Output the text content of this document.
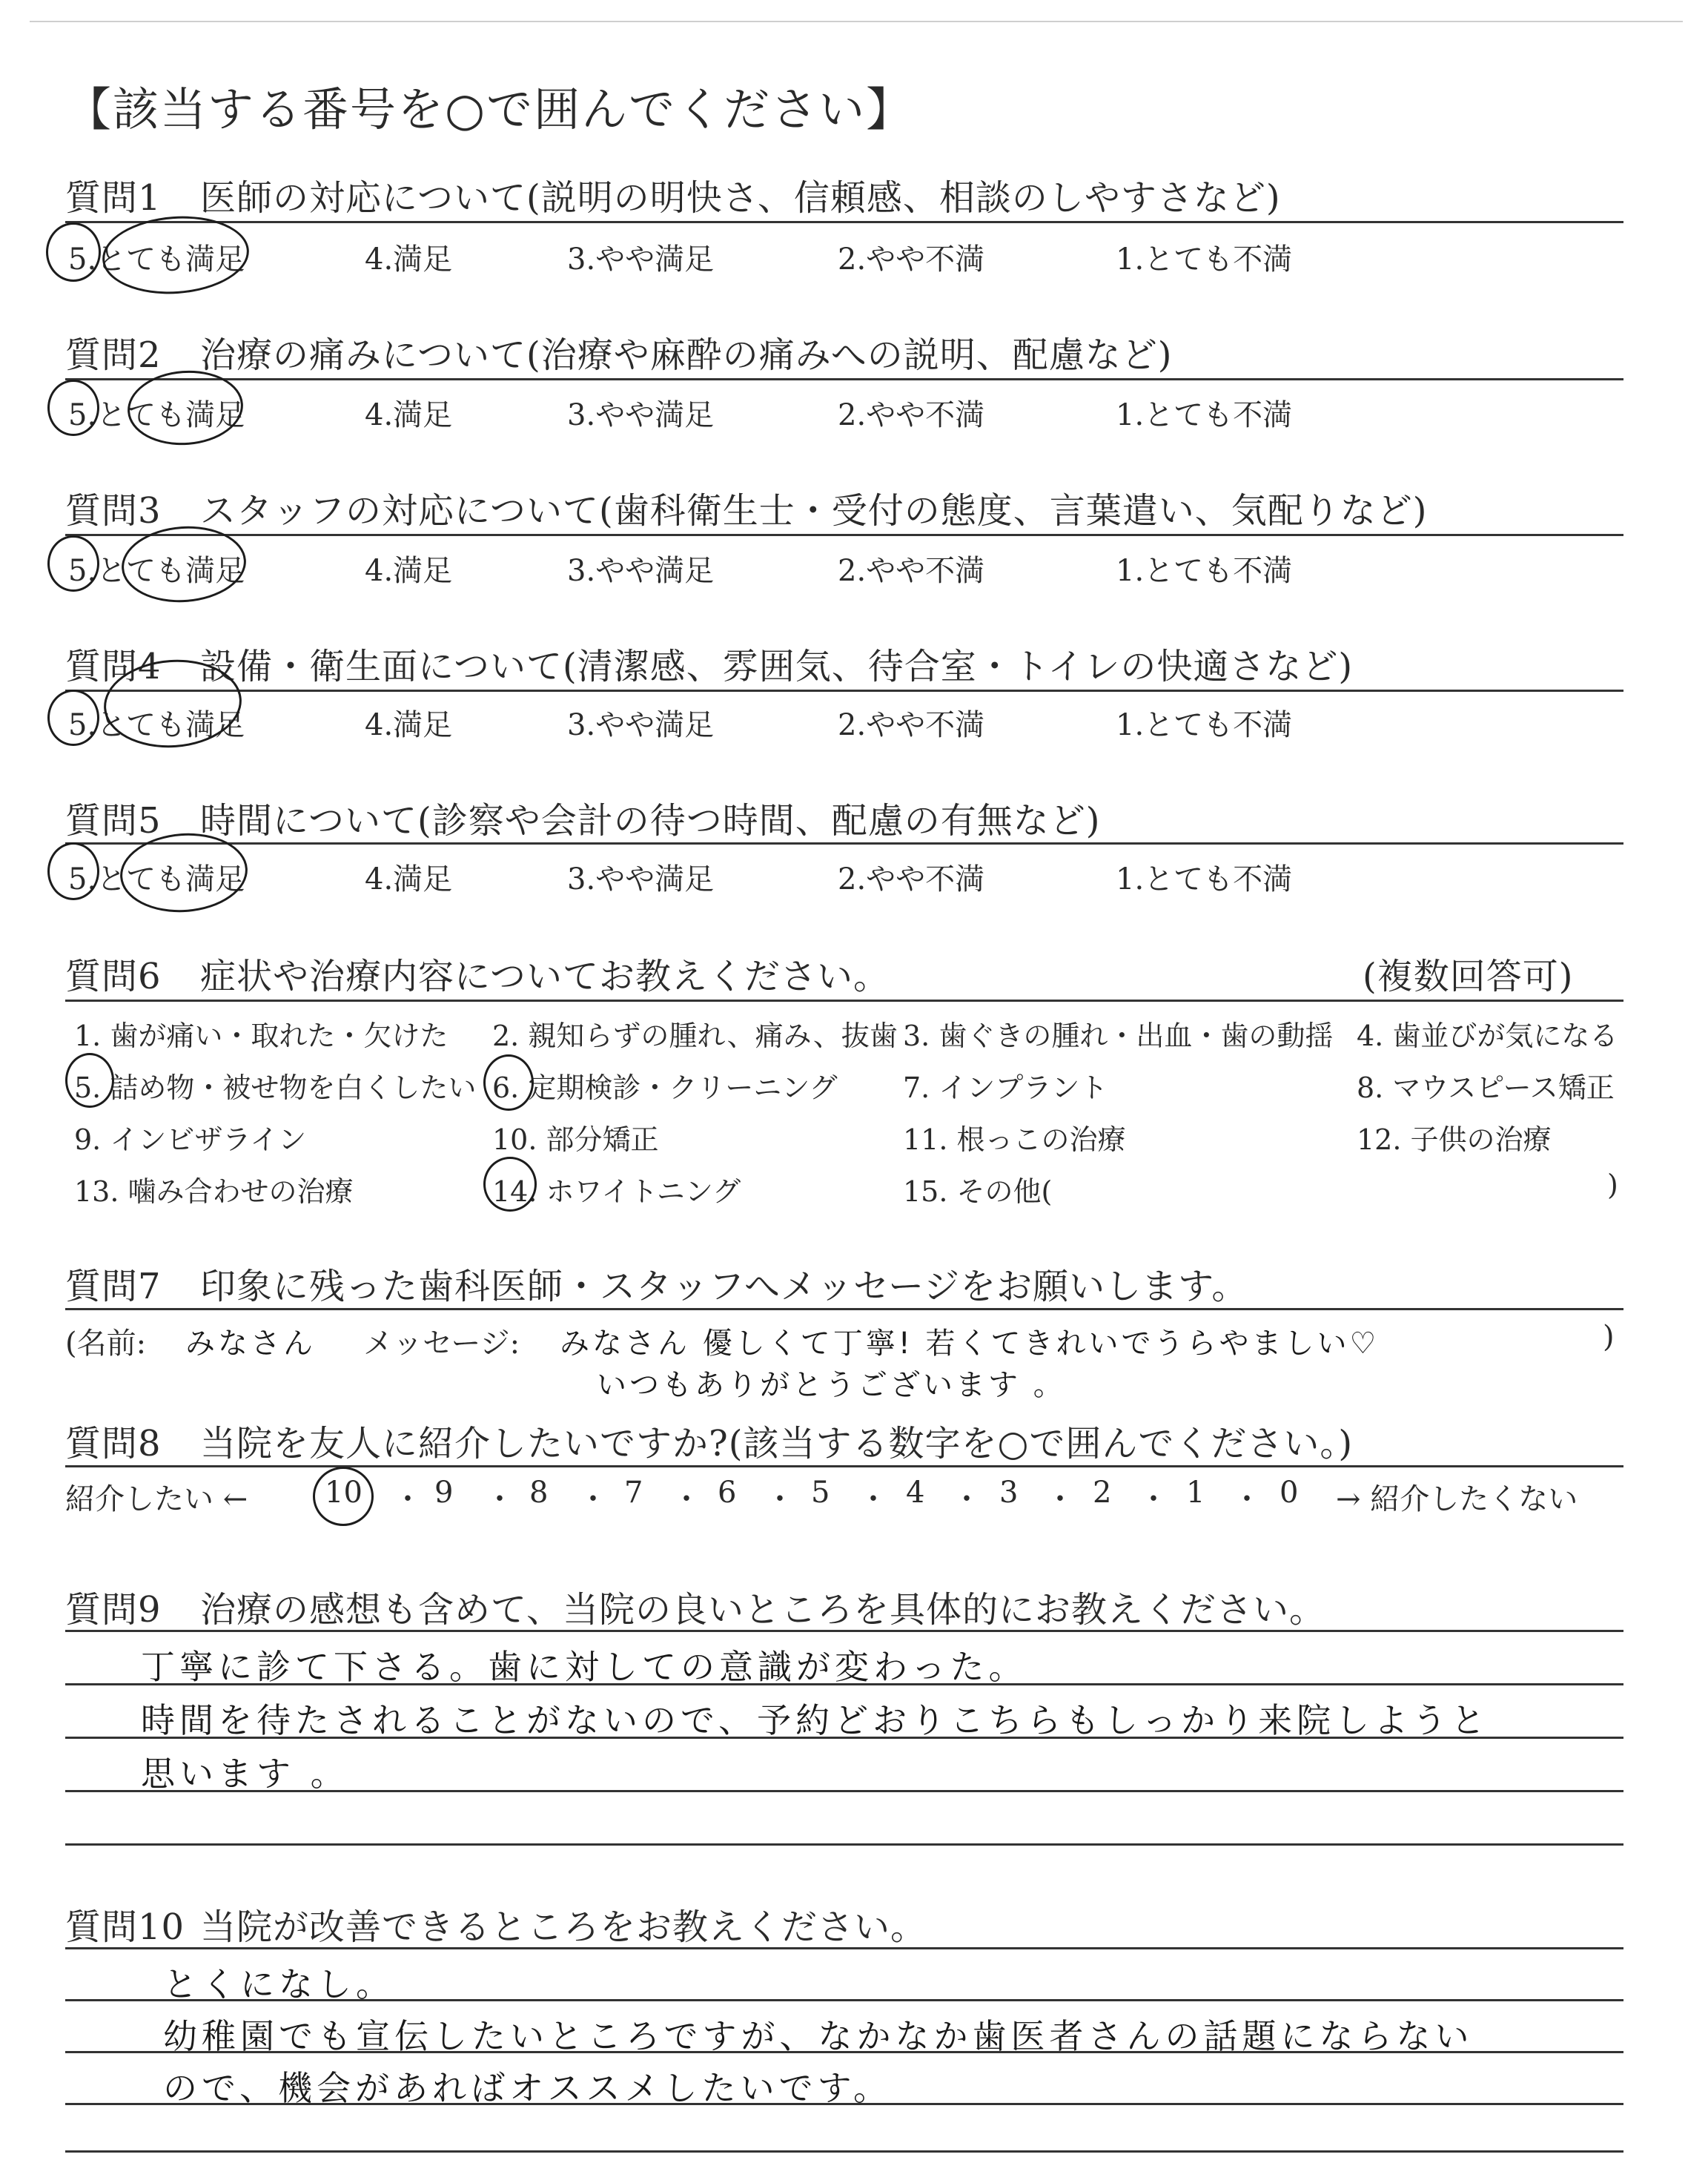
【該当する番号を○で囲んでください】
質問1 医師の対応について(説明の明快さ、信頼感、相談のしやすさなど)
5.とても満足	4.満足	3.やや満足	2.やや不満	1.とても不満
質問2 治療の痛みについて(治療や麻酔の痛みへの説明、配慮など)
5.とても満足	4.満足	3.やや満足	2.やや不満	1.とても不満
質問3 スタッフの対応について(歯科衛生士・受付の態度、言葉遣い、気配りなど)
5.とても満足	4.満足	3.やや満足	2.やや不満	1.とても不満
質問4 設備・衛生面について(清潔感、雰囲気、待合室・トイレの快適さなど)
5.とても満足	4.満足	3.やや満足	2.やや不満	1.とても不満
質問5 時間について(診察や会計の待つ時間、配慮の有無など)
5.とても満足	4.満足	3.やや満足	2.やや不満	1.とても不満
質問6 症状や治療内容についてお教えください。	(複数回答可)
1. 歯が痛い・取れた・欠けた 2. 親知らずの腫れ、痛み、抜歯 3. 歯ぐきの腫れ・出血・歯の動揺 4. 歯並びが気になる
5. 詰め物・被せ物を白くしたい 6. 定期検診・クリーニング 7. インプラント	8. マウスピース矯正
9. インビザライン	10. 部分矯正	11. 根っこの治療	12. 子供の治療
13. 噛み合わせの治療	14. ホワイトニング	15. その他(	)
質問7 印象に残った歯科医師・スタッフへメッセージをお願いします。
(名前: みなさん メッセージ: みなさん 優しくて丁寧! 若くてきれいでうらやましい♡
いつもありがとうございます 。
)
質問8 当院を友人に紹介したいですか?(該当する数字を○で囲んでください。)
紹介したい ←	→ 紹介したくない
10 ・ 9 ・ 8 ・ 7 ・ 6 ・ 5 ・ 4 ・ 3 ・ 2 ・ 1 ・ 0
質問9 治療の感想も含めて、当院の良いところを具体的にお教えください。
丁寧に診て下さる。歯に対しての意識が変わった。
時間を待たされることがないので、予約どおりこちらもしっかり来院しようと
思います 。
質問10 当院が改善できるところをお教えください。
とくになし。
幼稚園でも宣伝したいところですが、なかなか歯医者さんの話題にならない
ので、機会があればオススメしたいです。
